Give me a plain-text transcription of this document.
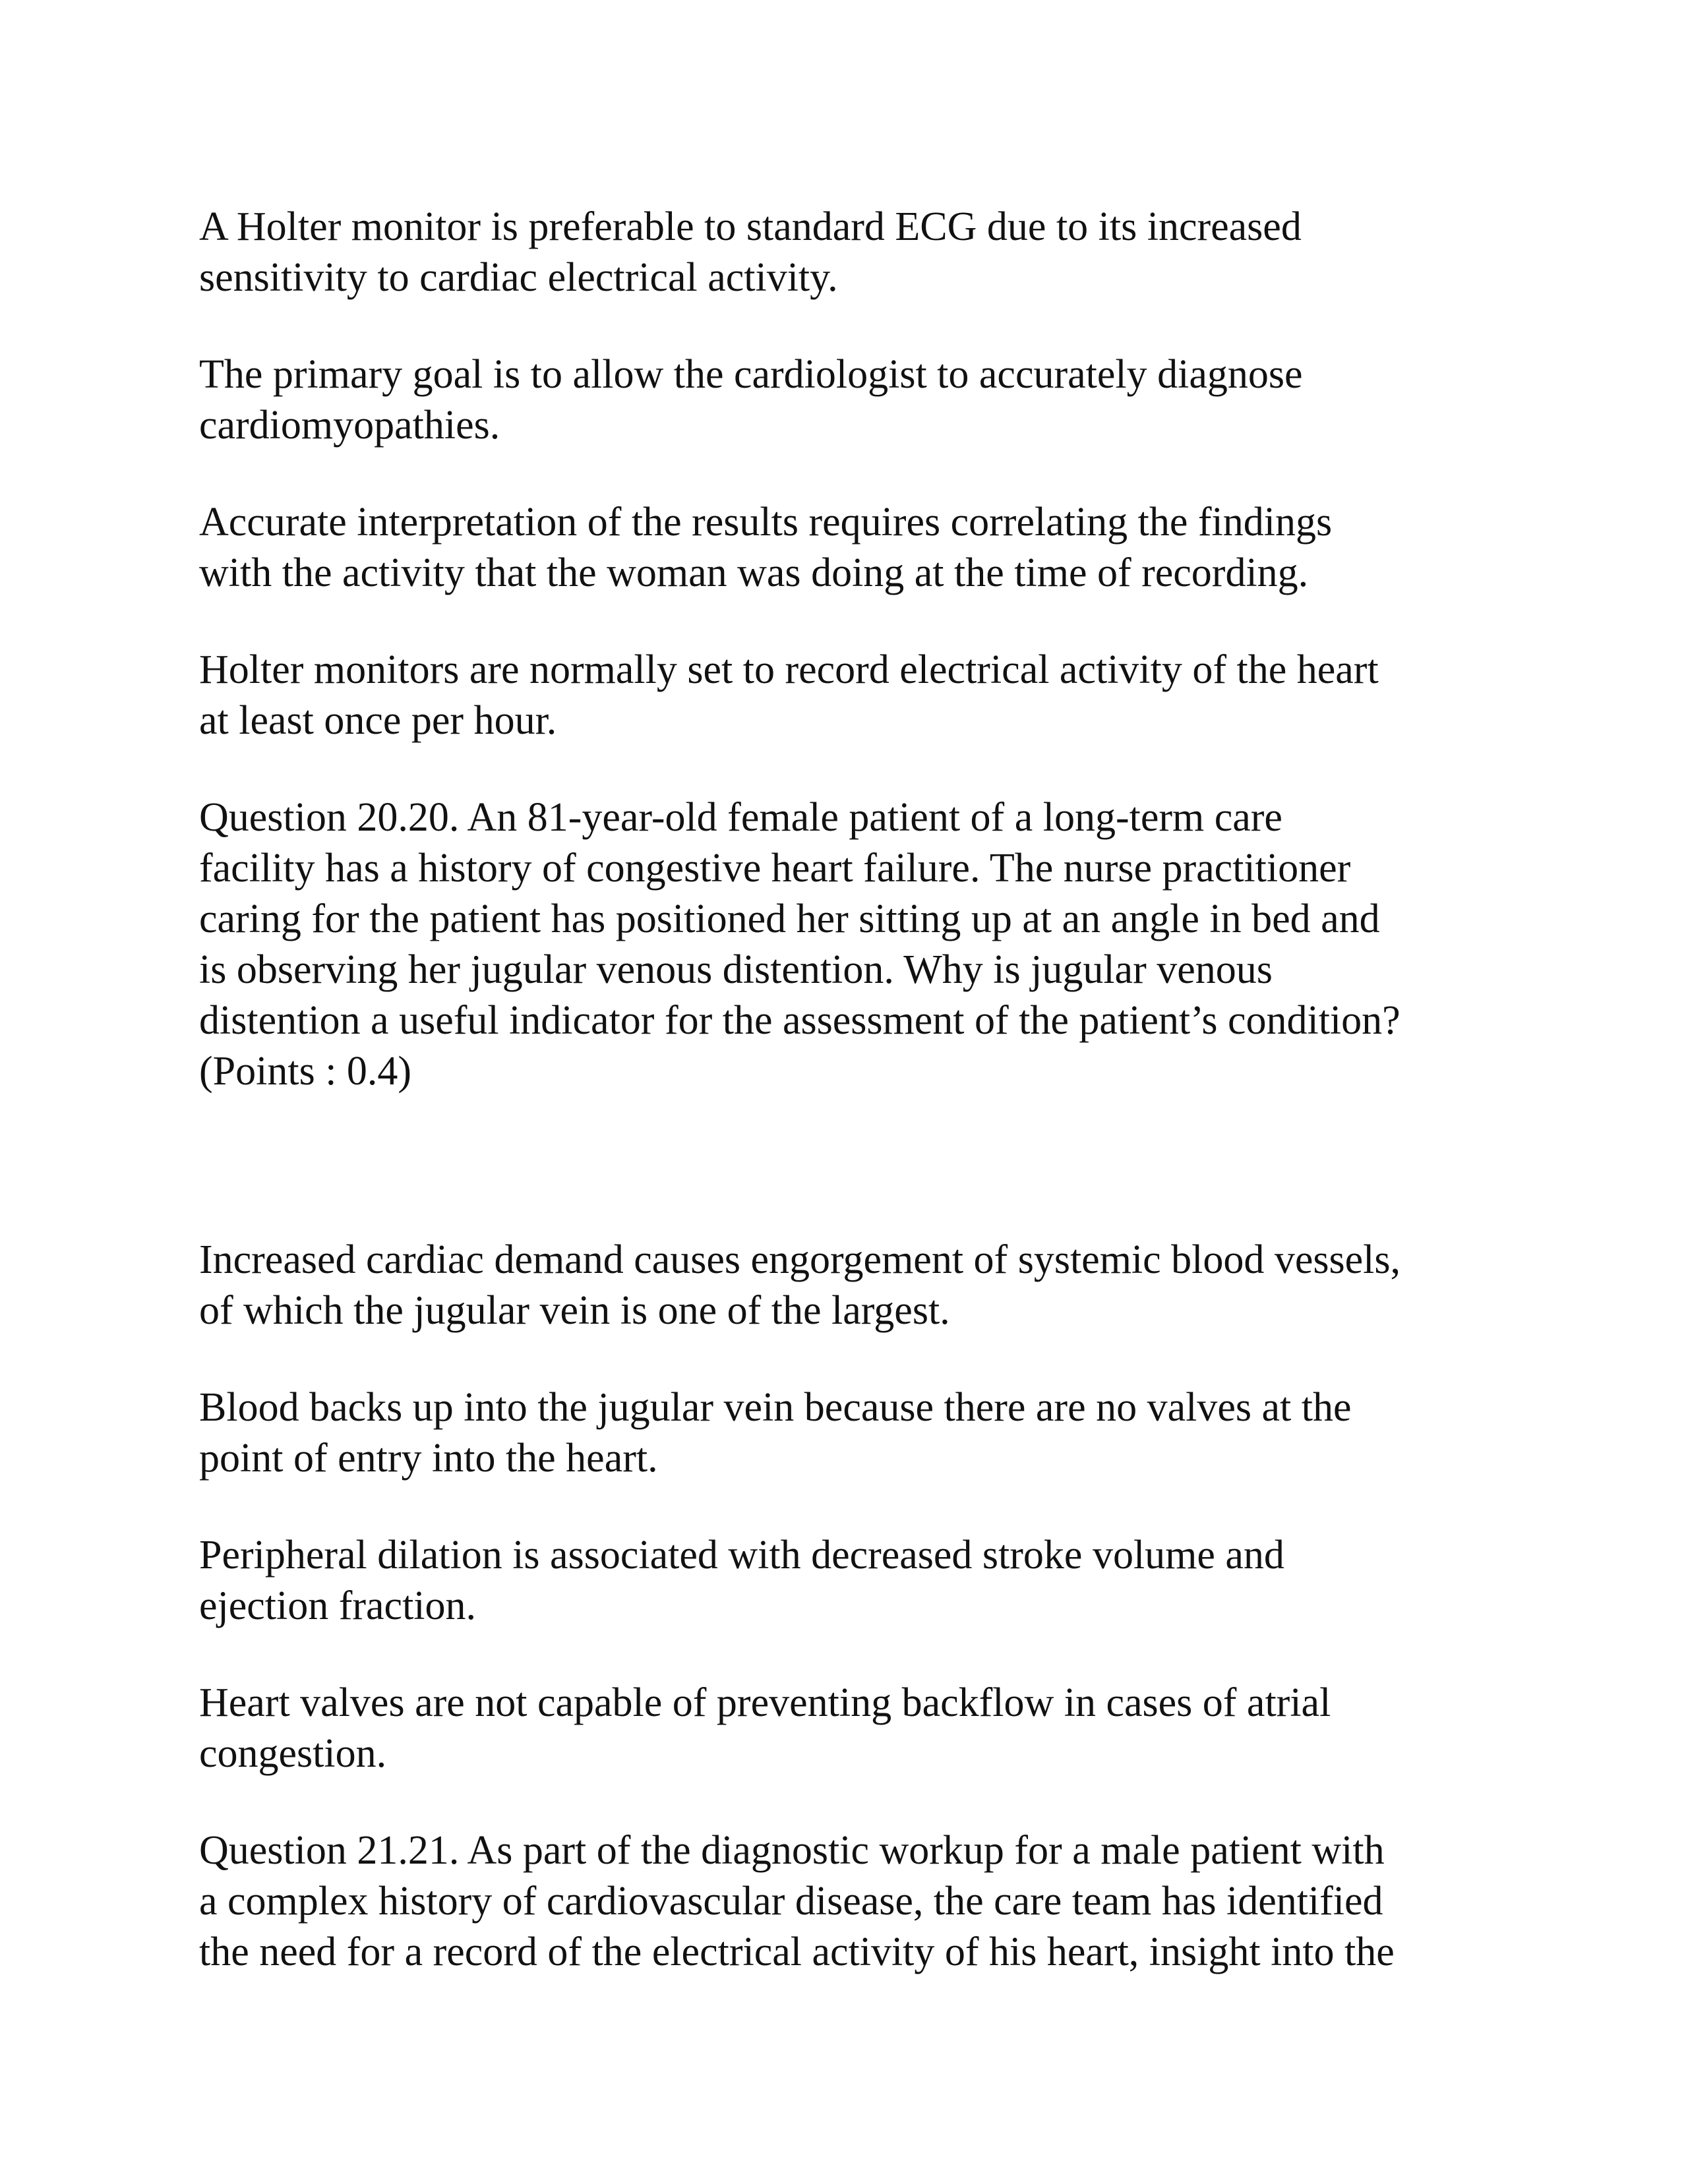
A Holter monitor is preferable to standard ECG due to its increased
sensitivity to cardiac electrical activity.

The primary goal is to allow the cardiologist to accurately diagnose
cardiomyopathies.

Accurate interpretation of the results requires correlating the findings
with the activity that the woman was doing at the time of recording.

Holter monitors are normally set to record electrical activity of the heart
at least once per hour.

Question 20.20. An 81-year-old female patient of a long-term care
facility has a history of congestive heart failure. The nurse practitioner
caring for the patient has positioned her sitting up at an angle in bed and
is observing her jugular venous distention. Why is jugular venous
distention a useful indicator for the assessment of the patient’s condition?
(Points : 0.4)

Increased cardiac demand causes engorgement of systemic blood vessels,
of which the jugular vein is one of the largest.

Blood backs up into the jugular vein because there are no valves at the
point of entry into the heart.

Peripheral dilation is associated with decreased stroke volume and
ejection fraction.

Heart valves are not capable of preventing backflow in cases of atrial
congestion.

Question 21.21. As part of the diagnostic workup for a male patient with
a complex history of cardiovascular disease, the care team has identified
the need for a record of the electrical activity of his heart, insight into the
